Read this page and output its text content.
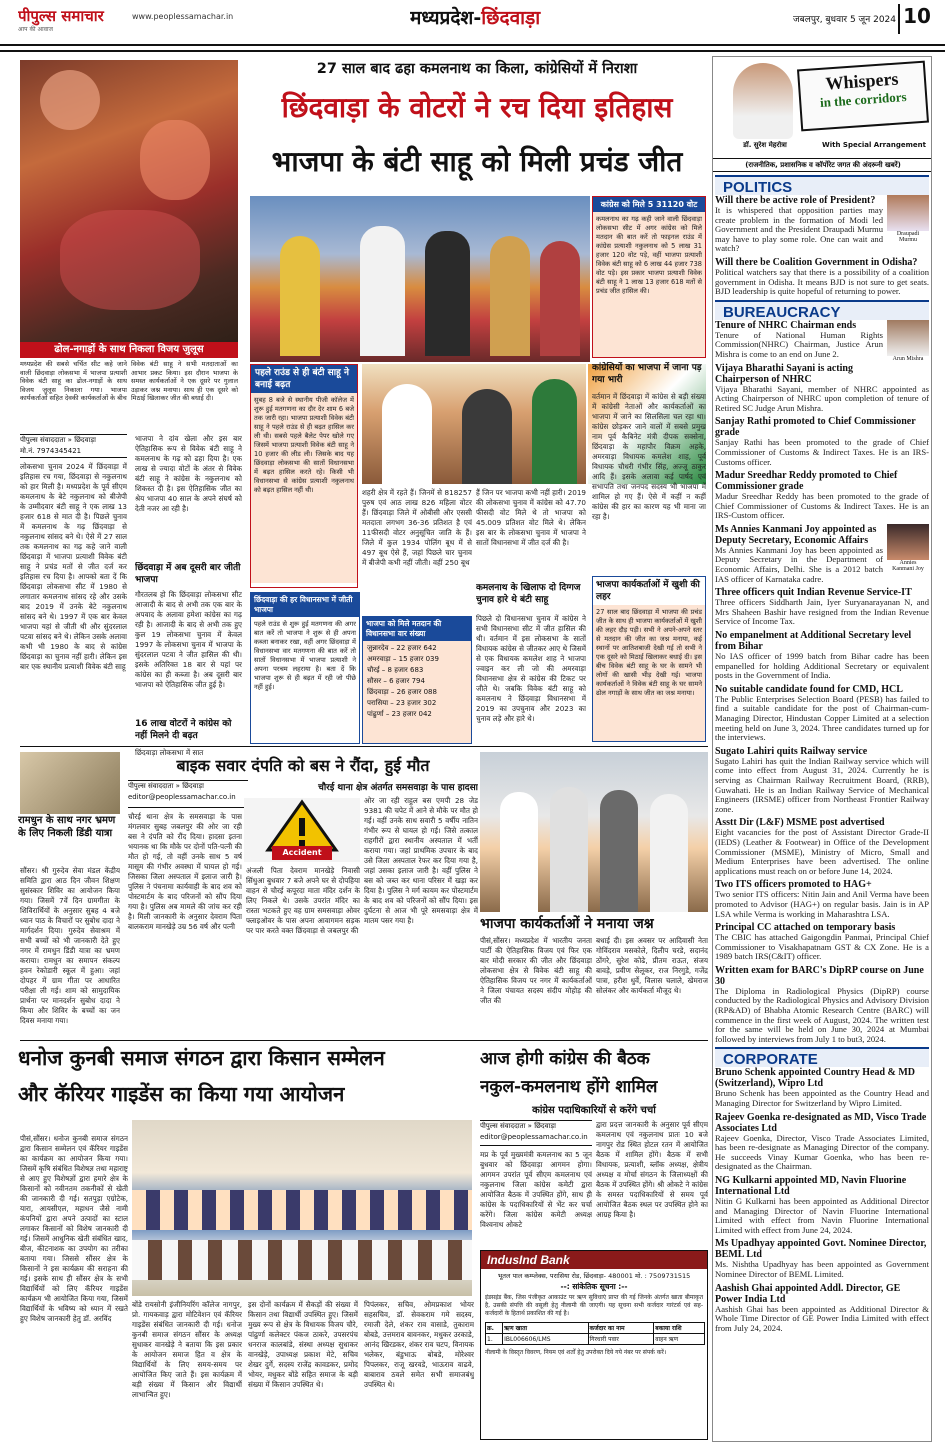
पीपुल्स समाचार
आप की आवाज
www.peoplessamachar.in	मध्यप्रदेश-छिंदवाड़ा	जबलपुर, बुधवार 5 जून 2024 10
ढोल-नगाड़ों के साथ निकला विजय जुलूस
मध्यप्रदेश की सबसे चर्चित सीट कहे जाने वाली छिंदवाड़ा लोकसभा में भाजपा प्रत्याशी विवेक बंटी साहू का ढोल-नगाड़ों के साथ विजय जुलूस निकाला गया। भाजपा कार्यकर्ताओं सहित देवकी कार्यकर्ताओं के बीच
विवेक बंटी साहू ने सभी मतदाताओं का आभार प्रकट किया। इस दौरान भाजपा के समस्त कार्यकर्ताओं ने एक दूसरे पर गुलाल उड़ाकर जश्न मनाया। साथ ही एक दूसरे को मिठाई खिलाकर जीत की बधाई दी।
पीपुल्स संवाददाता » छिंदवाड़ा
मो.नं. 7974345421
लोकसभा चुनाव 2024 में छिंदवाड़ा में इतिहास रच गया, छिंदवाड़ा से नकुलनाथ को हार मिली है। मध्यप्रदेश के पूर्व सीएम कमलनाथ के बेटे नकुलनाथ को बीजेपी के उम्मीदवार बंटी साहू ने एक लाख 13 हजार 618 से मात दी है। पिछले चुनाव में कमलनाथ के गढ़ छिंदवाड़ा से नकुलनाथ सांसद बने थे। ऐसे में 27 साल तक कमलनाथ का गढ़ कहे जाने वाली छिंदवाड़ा में भाजपा प्रत्याशी विवेक बंटी साहू ने प्रचंड मतों से जीत दर्ज कर इतिहास रच दिया है। आपको बता दें कि छिंदवाड़ा लोकसभा सीट में 1980 से लगातार कमलनाथ सांसद रहे और उसके बाद 2019 में उनके बेटे नकुलनाथ सांसद बने थे। 1997 में एक बार केवल भाजपा यहां से जीती थी और सुंदरलाल पटवा सांसद बने थे। लेकिन उसके अलावा कभी भी 1980 के बाद से कांग्रेस छिंदवाड़ा का चुनाव नहीं हारी। लेकिन इस बार एक स्थानीय प्रत्याशी विवेक बंटी साहू
27 साल बाद ढहा कमलनाथ का किला, कांग्रेसियों में निराशा
छिंदवाड़ा के वोटरों ने रच दिया इतिहास
भाजपा के बंटी साहू को मिली प्रचंड जीत
कांग्रेस को मिले 5 31120 वोट
कमलनाथ का गढ़ कही जाने वाली छिंदवाड़ा लोकसभा सीट में अगर कांग्रेस को मिले मतदान की बात करें तो फाइनल राउंड में कांग्रेस प्रत्याशी नकुलनाथ को 5 लाख 31 हजार 120 वोट पड़े, वहीं भाजपा प्रत्याशी विवेक बंटी साहू को 6 लाख 44 हजार 738 वोट पड़े। इस प्रकार भाजपा प्रत्याशी विवेक बंटी साहू ने 1 लाख 13 हजार 618 मतों से प्रचंड जीत हासिल की।
भाजपा ने दांव खेला और इस बार ऐतिहासिक रूप से विवेक बंटी साहू ने कमलनाथ के गढ़ को ढहा दिया है। एक लाख से ज्यादा वोटों के अंतर से विवेक बंटी साहू ने कांग्रेस के नकुलनाथ को शिकस्त दी है। इस ऐतिहासिक जीत का श्रेय भाजपा 40 साल के अपने संघर्ष को देती नजर आ रही है।
छिंदवाड़ा में अब दूसरी बार जीती भाजपा
गौरतलब हो कि छिंदवाड़ा लोकसभा सीट आजादी के बाद से अभी तक एक बार के अपवाद के अलावा हमेशा कांग्रेस का गढ़ रही है। आजादी के बाद से अभी तक हुए कुल 19 लोकसभा चुनाव में केवल 1997 के लोकसभा चुनाव में भाजपा के सुंदरलाल पटवा ने जीत हासिल की थी। इसके अतिरिक्त 18 बार से यहां पर कांग्रेस का ही कब्जा है। अब दूसरी बार भाजपा को ऐतिहासिक जीत हुई है।
16 लाख वोटरों ने कांग्रेस को नहीं मिलने दी बढ़त
छिंदवाड़ा लोकसभा में सात
पहले राउंड से ही बंटी साहू ने बनाई बढ़त
सुबह 8 बजे से स्थानीय पीजी कॉलेज में शुरू हुई मतगणना का दौर देर शाम 6 बजे तक जारी रहा। भाजपा प्रत्याशी विवेक बंटी साहू ने पहले राउंड से ही बढ़त हासिल कर ली थी। सबसे पहले बैलेट पेपर खोले गए जिसमें भाजपा प्रत्याशी विवेक बंटी साहू ने 10 हजार की लीड ली। जिसके बाद यह छिंदवाड़ा लोकसभा की सातों विधानसभा में बढ़त हासिल करते रहे। किसी भी विधानसभा से कांग्रेस प्रत्याशी नकुलनाथ को बढ़त हासिल नहीं थी।	शहरी क्षेत्र में रहते हैं। जिनमें से 818257 पुरुष एवं आठ लाख 826 महिला वोटर हैं। छिंदवाड़ा जिले में ओबीसी और एससी मतदाता लगभग 36-36 प्रतिशत है एवं 11फीसदी वोटर अनुसूचित जाति के हैं। जिले में कुल 1934 पोलिंग बूथ में से 497 बूथ ऐसे हैं, जहां पिछले चार चुनाव में बीजेपी कभी नहीं जीती। वहीं 250 बूथ
हैं जिन पर भाजपा कभी नहीं हारी। 2019 की लोकसभा चुनाव में कांग्रेस को 47.70 फीसदी वोट मिले थे तो भाजपा को 45.009 प्रतिशत वोट मिले थे। लेकिन इस बार के लोकसभा चुनाव में भाजपा ने सातों विधानसभा में जीत दर्ज की है।
कमलनाथ के खिलाफ दो दिग्गज चुनाव हारे थे बंटी साहू
पिछले दो विधानसभा चुनाव में कांग्रेस ने सभी विधानसभा सीट में जीत हासिल की थी। वर्तमान में इस लोकसभा के सातों विधायक कांग्रेस से जीतकर आए थे जिसमें से एक विधायक कमलेश शाह ने भाजपा ज्वाइन कर ली जो की अमरवाड़ा विधानसभा क्षेत्र से कांग्रेस की टिकट पर जीते थे। जबकि विवेक बंटी साहू को कमलनाथ ने छिंदवाड़ा विधानसभा में 2019 का उपचुनाव और 2023 का चुनाव लड़े और हारे थे।
छिंदवाड़ा की हर विधानसभा में जीती भाजपा
पहले राउंड से शुरू हुई मतगणना की अगर बात करें तो भाजपा ने शुरू से ही अपना कब्जा बनाकर रखा, वहीं अगर छिंदवाड़ा में विधानसभा वार मतगणना की बात करें तो सातों विधानसभा में भाजपा प्रत्याशी ने अपना परचम लहराया है। बता दें कि भाजपा शुरू से ही बढ़त में रही जो पीछे नहीं हुई।
भाजपा को मिले मतदान की विधानसभा वार संख्या
जुन्नारदेव – 22 हजार 642
अमरवाड़ा – 15 हजार 039
चौरई – 8 हजार 683
सौसर – 6 हजार 794
छिंदवाड़ा – 26 हजार 088
परासिया – 23 हजार 302
पांढुर्णा – 23 हजार 042
कांग्रेसियों का भाजपा में जाना पड़ गया भारी
वर्तमान में छिंदवाड़ा में कांग्रेस से बड़ी संख्या में कांग्रेसी नेताओं और कार्यकर्ताओं का भाजपा में जाने का सिलसिला चल रहा था। कांग्रेस छोड़कर जाने वालों में सबसे प्रमुख नाम पूर्व कैबिनेट मंत्री दीपक सक्सेना, छिंदवाड़ा के महापौर विक्रम अहके, अमरवाड़ा विधायक कमलेश शाह, पूर्व विधायक चौधरी गंभीर सिंह, अज्जू ठाकुर आदि हैं। इसके अलावा कई पार्षद एवं सभापति तथा जनपद सदस्य भी भाजपा में शामिल हो गए हैं। ऐसे में कहीं न कहीं कांग्रेस की हार का कारण यह भी माना जा रहा है।
भाजपा कार्यकर्ताओं में खुशी की लहर
27 साल बाद छिंदवाड़ा में भाजपा की प्रचंड जीत के साथ ही भाजपा कार्यकर्ताओं में खुशी की लहर दौड़ पड़ी। सभी ने अपने-अपने स्तर से मतदान की जीत का जश्न मनाया, कई स्थानों पर आतिशबाजी देखी गई तो सभी ने एक दूसरे को मिठाई खिलाकर बधाई दी। इस बीच विवेक बंटी साहू के घर के सामने भी लोगों की खासी भीड़ देखी गई। भाजपा कार्यकर्ताओं ने विवेक बंटी साहू के घर सामने ढोल नगाड़ों के साथ जीत का जश्न मनाया।
रामधुन के साथ नगर भ्रमण के लिए निकली डिंडी यात्रा
सौंसर। श्री गुरुदेव सेवा मंडल केंद्रीय समिति द्वारा आठ दिन जीवन शिक्षण सुसंस्कार शिविर का आयोजन किया गया। जिसमें 7वें दिन ग्रामगीता के शिविरार्थियों के अनुसार सुबह 4 बजे ध्यान पाठ के विचारों पर सुबोध दादा ने मार्गदर्शन दिया। गुरुदेव सेवाश्रम में सभी बच्चों को भी जानकारी देते हुए नगर में रामधुन डिंडी यात्रा का भ्रमण कराया। रामधुन का समापन संकल्प हवन रेकोडारी स्कूल में हुआ। जहां दोपहर में ग्राम गीता पर आधारित परीक्षा ली गई। शाम को सामुदायिक प्रार्थना पर मानदर्शन सुबोध दादा ने किया और शिविर के बच्चों का जन दिवस मनाया गया।
बाइक सवार दंपति को बस ने रौंदा, हुई मौत
चौरई थाना क्षेत्र अंतर्गत समसवाड़ा के पास हादसा
पीपुल्स संवाददाता » छिंदवाड़ा
editor@peoplessamachar.co.in
चौरई थाना क्षेत्र के समसवाड़ा के पास मंगलवार सुबह जबलपुर की ओर जा रही बस ने दंपति को रौंद दिया। हादसा इतना भयानक था कि मौके पर दोनों पति-पत्नी की मौत हो गई, तो वहीं उनके साथ 5 वर्ष मासूम की गंभीर अवस्था में घायल हो गई। जिसका जिला अस्पताल में इलाज जारी है। पुलिस ने पंचनामा कार्यवाही के बाद शव को पोस्टमार्टम के बाद परिजनों को सौंप दिया गया है। पुलिस अब मामले की जांच कर रही है। मिली जानकारी के अनुसार देवराम पिता बालकराम मानखेड़े उम्र 56 वर्ष और पत्नी
Accident
अंजली पिता देवराम मानखेड़े निवासी सिंधुआ बुधवार 7 बजे अपने घर से दोपहिया वाहन से चौरई कपूरदा माता मंदिर दर्शन के लिए निकले थे। उसके उपरांत मंदिर का रास्ता भटकते हुए वह ग्राम समसवाड़ा ओवर फ्लाइओवर के पास अपना आवागमन सड़क पर पार करते वक्त छिंदवाड़ा से जबलपुर की
ओर जा रही राहुल बस एमपी 28 जेड 9381 की चपेट में आने से मौके पर मौत हो गई। वहीं उनके साथ सवारी 5 वर्षीय नातिन गंभीर रूप से घायल हो गई। जिसे तत्काल राहगीरों द्वारा स्थानीय अस्पताल में भर्ती कराया गया। जहां प्राथमिक उपचार के बाद उसे जिला अस्पताल रेफर कर दिया गया है, जहां उसका इलाज जारी है। वहीं पुलिस ने बस को जब्त कर थाना परिसर में खड़ा कर दिया है। पुलिस ने मर्ग कायम कर पोस्टमार्टम के बाद शव को परिजनों को सौंप दिया। इस दुर्घटना से आज भी पूरे समसवाड़ा क्षेत्र में मातम पसर गया है।	भाजपा कार्यकर्ताओं ने मनाया जश्न
पीसं,सौंसर। मध्यप्रदेश में भारतीय जनता पार्टी की ऐतिहासिक विजय एवं फिर एक बार मोदी सरकार की जीत और छिंदवाड़ा लोकसभा क्षेत्र से विवेक बंटी साहू की ऐतिहासिक विजय पर नगर में कार्यकर्ताओं ने जिला पंचायत सदस्य संदीप मोहोड़ की जीत की
बधाई दी। इस अवसर पर आदिवासी नेता गोविंदराव मसकोले, दिलीप चरडे, सदानंद ठोंगरे, सुरेश कोढे, प्रीतम राऊत, संजय बावड़े, प्रवीण सेलूकर, राज निरगुडे, गजेंद्र पात्रा, हरीश धुर्वे, विलास चलाले, खेमराज सोलंकर और कार्यकर्ता मौजूद थे।
धनोज कुनबी समाज संगठन द्वारा किसान सम्मेलन
और कॅरियर गाइडेंस का किया गया आयोजन
पीसं,सौंसर। धनोज कुनबी समाज संगठन द्वारा किसान सम्मेलन एवं कॅरियर गाइडेंस का कार्यक्रम का आयोजन किया गया। जिसमें कृषि संबंधित विशेषज्ञ तथा महाराष्ट्र से आए हुए विशेषज्ञों द्वारा हमारे क्षेत्र के किसानों को नवीनतम तकनीकों से खेती की जानकारी दी गई। सतपुड़ा एग्रोटेक, यारा, आयसीएल, महाधन जैसे नामी कंपनियों द्वारा अपने उत्पादों का स्टाल लगाकर किसानों को विशेष जानकारी दी गई। जिसमें आधुनिक खेती संबंधित खाद, बीज, कीटनाशक का उपयोग का तरीका बताया गया। जिससे सौंसर क्षेत्र के किसानों ने इस कार्यक्रम की सराहना की गई। इसके साथ ही सौंसर क्षेत्र के सभी विद्यार्थियों को लिए कॅरियर गाइडेंस कार्यक्रम भी आयोजित किया गया, जिसमें विद्यार्थियों के भविष्य को ध्यान में रखते हुए विशेष जानकारी हेतु डॉ. अरविंद
बोंडे रायसोनी इंजीनियरिंग कॉलेज नागपुर, प्रो. गायकवाड़ द्वारा मोटिवेशन एवं कॅरियर गाइडेंस संबंधित जानकारी दी गई। धनोज कुनबी समाज संगठन सौंसर के अध्यक्ष सुधाकर वानखेड़े ने बताया कि इस प्रकार के आयोजन समाज हित व क्षेत्र के विद्यार्थियों के लिए समय-समय पर आयोजित किए जाते हैं। इस कार्यक्रम में बड़ी संख्या में किसान और विद्यार्थी लाभान्वित हुए।
इस दोनों कार्यक्रम में सैकड़ों की संख्या में किसान तथा विद्यार्थी उपस्थित हुए। जिसमें मुख्य रूप से क्षेत्र के विधायक विजय चौरे, पांढुर्णा कलेक्टर पंकज ठाकरे, उपसरपंच धनराज कालबांडे, संस्था अध्यक्ष सुधाकर वानखेड़े, उपाध्यक्ष प्रकाश मेटे, सचिव शेखर दुर्गे, सदस्य राजेंद्र कावडकर, प्रमोद भोयर, मधुकर बोंडे सहित समाज के बड़ी संख्या में किसान उपस्थित थे।
पिपंलकर, सचिव, ओमप्रकाश भोयर सहसचिव, डॉ. सेवकराम गमे सदस्य, रमाजी देले, शंकर राव वासाडे, तुकाराम बोबडे, उत्तमराव बावनकर, मधुकर उरकाडे, आनंद खिरडकर, शंकर राव चटप, विनायक भलेकर, बंडुभाऊ बोबडे, मोरेश्वर पिपलकर, राजू खरवडे, भाऊराव वाढवे, बाबाराव ठवले समेत सभी समाजबंधु उपस्थित थे।
आज होगी कांग्रेस की बैठक
नकुल-कमलनाथ होंगे शामिल
कांग्रेस पदाधिकारियों से करेंगे चर्चा
पीपुल्स संवाददाता » छिंदवाड़ा
editor@peoplessamachar.co.in
मप्र के पूर्व मुख्यमंत्री कमलनाथ का 5 जून बुधवार को छिंदवाड़ा आगमन होगा। आगमन उपरांत पूर्व सीएम कमलनाथ एवं नकुलनाथ जिला कांग्रेस कमेटी द्वारा आयोजित बैठक में उपस्थित होंगे, साथ ही कांग्रेस के पदाधिकारियों से भेंट कर चर्चा करेंगे। जिला कांग्रेस कमेटी अध्यक्ष विश्वनाथ ओकटे
द्वारा प्रदत्त जानकारी के अनुसार पूर्व सीएम कमलनाथ एवं नकुलनाथ प्रातः 10 बजे नागपुर रोड स्थित होटल रतन में आयोजित बैठक में शामिल होंगे। बैठक में सभी विधायक, प्रत्याशी, ब्लॉक अध्यक्ष, क्षेत्रीय अध्यक्ष व मोर्चा संगठन के जिलाध्यक्षों की बैठक में उपस्थित होंगे। श्री ओकटे ने कांग्रेस के समस्त पदाधिकारियों से समय पूर्व आयोजित बैठक स्थल पर उपस्थित होने का आग्रह किया है।
IndusInd Bank
भूतल पाल कम्प्लेक्स, परासिया रोड, छिंदवाड़ा- 480001 मो. : 7509731515
--: सांकेतिक सूचना :--
इंडसइंड बैंक, जिस पंजीकृत आकाउंट पर ऋण सुविधाएं प्राप्त की गई जिनके अंतर्गत खाता बीमाकृत है, उसकी संपत्ति की वसूली हेतु नीलामी की जाएगी। यह सूचना सभी कर्जदार गारंटर्स एवं सह-कर्जदारों के हितार्थ प्रकाशित की गई है।
क्र.	ऋण खाता	कर्जदार का नाम	बकाया राशि
1.	IBL006606/LMS	गिरधारी पवार	वाहन ऋण
नीलामी के विस्तृत विवरण, नियम एवं शर्तों हेतु उपरोक्त दिये गये नंबर पर संपर्क करें।
डॉ. सुरेश मेहरोत्रा
Whispers
in the corridors
With Special Arrangement
(राजनीतिक, प्रशासनिक व कॉर्पोरेट जगत की अंदरूनी खबरें)
POLITICS
Draupadi
Murmu
Will there be active role of President?
It is whispered that opposition parties may create problem in the formation of Modi led Government and the President Draupadi Murmu may have to play some role. One can wait and watch?
Will there be Coalition Government in Odisha?
Political watchers say that there is a possibility of a coalition government in Odisha. It means BJD is not sure to get seats. BJD leadership is quite hopeful of returning to power.
BUREAUCRACY
Arun Mishra
Tenure of NHRC Chairman ends
Tenure of National Human Rights Commission(NHRC) Chairman, Justice Arun Mishra is come to an end on June 2.
Vijaya Bharathi Sayani is acting Chairperson of NHRC
Vijaya Bharathi Sayani, member of NHRC appointed as Acting Chairperson of NHRC upon completion of tenure of Retired SC Judge Arun Mishra.
Sanjay Rathi promoted to Chief Commissioner grade
Sanjay Rathi has been promoted to the grade of Chief Commissioner of Customs & Indirect Taxes. He is an IRS-Customs officer.
Madur Sreedhar Reddy promoted to Chief Commissioner grade
Madur Sreedhar Reddy has been promoted to the grade of Chief Commissioner of Customs & Indirect Taxes. He is an IRS-Custom officer.
Annies
Kanmani Joy
Ms Annies Kanmani Joy appointed as Deputy Secretary, Economic Affairs
Ms Annies Kanmani Joy has been appointed as Deputy Secretary in the Department of Economic Affairs, Delhi. She is a 2012 batch IAS officer of Karnataka cadre.
Three officers quit Indian Revenue Service-IT
Three officers Siddharth Jain, Iyer Suryanarayanan N, and Mrs Shaheen Bashir have resigned from the Indian Revenue Service of Income Tax.
No empanelment at Additional Secretary level from Bihar
No IAS officer of 1999 batch from Bihar cadre has been empanelled for holding Additional Secretary or equivalent posts in the Government of India.
No suitable candidate found for CMD, HCL
The Public Enterprises Selection Board (PESB) has failed to find a suitable candidate for the post of Chairman-cum-Managing Director, Hindustan Copper Limited at a selection meeting held on June 3, 2024. Three candidates turned up for the interviews.
Sugato Lahiri quits Railway service
Sugato Lahiri has quit the Indian Railway service which will come into effect from August 31, 2024. Currently he is serving as Chairman Railway Recruitment Board, (RRB), Guwahati. He is an Indian Railway Service of Mechanical Engineers (IRSME) officer from Northeast Frontier Railway zone.
Asstt Dir (L&F) MSME post advertised
Eight vacancies for the post of Assistant Director Grade-II (IEDS) (Leather & Footwear) in Office of the Development Commissioner (MSME), Ministry of Micro, Small and Medium Enterprises have been advertised. The online applications must reach on or before June 14, 2024.
Two ITS officers promoted to HAG+
Two senior ITS officers: Nitin Jain and Anil Verma have been promoted to Advisor (HAG+) on regular basis. Jain is in AP LSA while Verma is working in Maharashtra LSA.
Principal CC attached on temporary basis
The CBIC has attached Gaigongdin Panmai, Principal Chief Commissioner to Visakhapatnam GST & CX Zone. He is a 1989 batch IRS(C&IT) officer.
Written exam for BARC's DipRP course on June 30
The Diploma in Radiological Physics (DipRP) course conducted by the Radiological Physics and Advisory Division (RP&AD) of Bhabha Atomic Research Centre (BARC) will commence in the first week of August, 2024. The written test for the same will be held on June 30, 2024 at Mumbai followed by interviews from July 1 to but3, 2024.
CORPORATE
Bruno Schenk appointed Country Head & MD (Switzerland), Wipro Ltd
Bruno Schenk has been appointed as the Country Head and Managing Director for Switzerland by Wipro Limited.
Rajeev Goenka re-designated as MD, Visco Trade Associates Ltd
Rajeev Goenka, Director, Visco Trade Associates Limited, has been re-designate as Managing Director of the company. He succeeds Vinay Kumar Goenka, who has been re-designated as the Chairman.
NG Kulkarni appointed MD, Navin Fluorine International Ltd
Nitin G Kulkarni has been appointed as Additional Director and Managing Director of Navin Fluorine International Limited with effect from Navin Fluorine International Limited with effect from June 24, 2024.
Ms Upadhyay appointed Govt. Nominee Director, BEML Ltd
Ms. Nishtha Upadhyay has been appointed as Government Nominee Director of BEML Limited.
Aashish Ghai appointed Addl. Director, GE Power India Ltd
Aashish Ghai has been appointed as Additional Director & Whole Time Director of GE Power India Limited with effect from July 24, 2024.
